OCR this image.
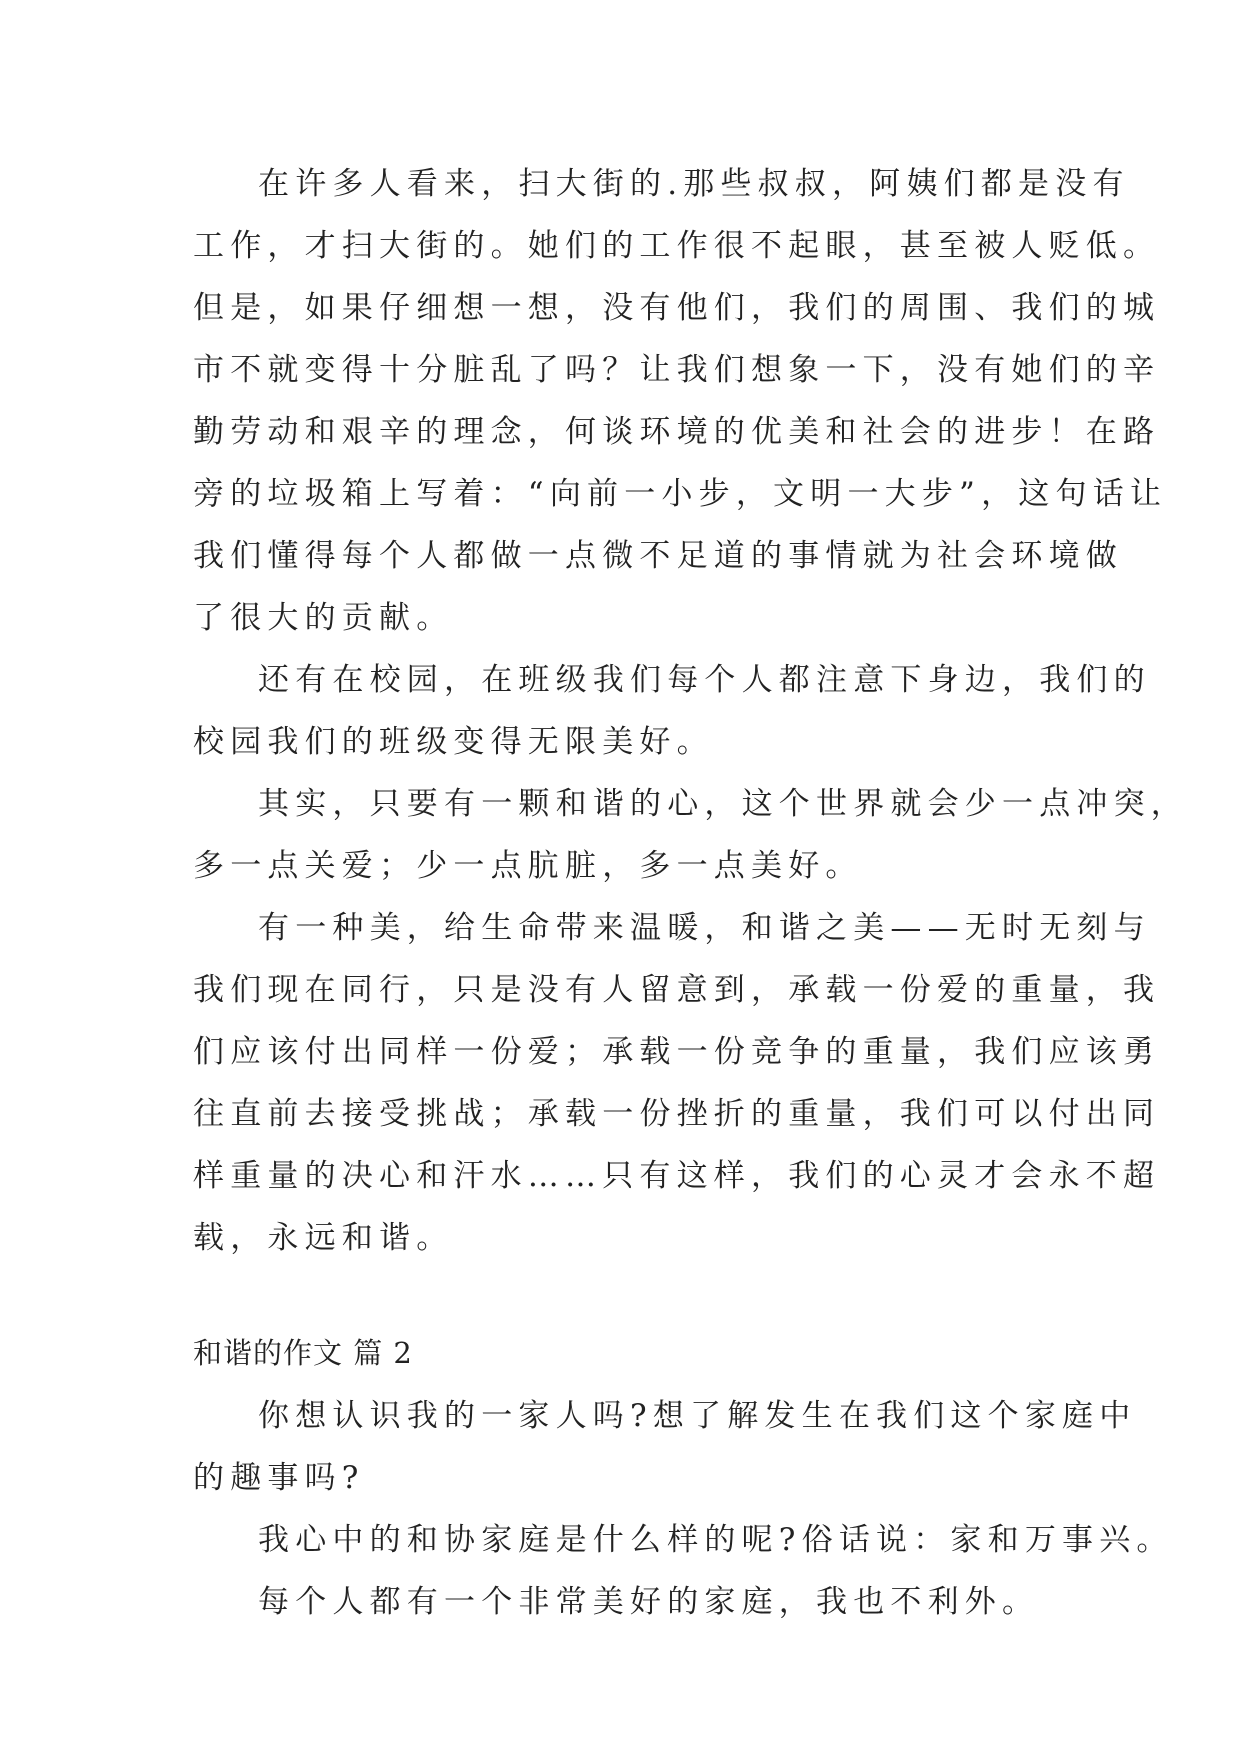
在许多人看来，扫大街的.那些叔叔，阿姨们都是没有
工作，才扫大街的。她们的工作很不起眼，甚至被人贬低。
但是，如果仔细想一想，没有他们，我们的周围、我们的城
市不就变得十分脏乱了吗？让我们想象一下，没有她们的辛
勤劳动和艰辛的理念，何谈环境的优美和社会的进步！在路
旁的垃圾箱上写着：“向前一小步，文明一大步”，这句话让
我们懂得每个人都做一点微不足道的事情就为社会环境做
了很大的贡献。
还有在校园，在班级我们每个人都注意下身边，我们的
校园我们的班级变得无限美好。
其实，只要有一颗和谐的心，这个世界就会少一点冲突，
多一点关爱；少一点肮脏，多一点美好。
有一种美，给生命带来温暖，和谐之美——无时无刻与
我们现在同行，只是没有人留意到，承载一份爱的重量，我
们应该付出同样一份爱；承载一份竞争的重量，我们应该勇
往直前去接受挑战；承载一份挫折的重量，我们可以付出同
样重量的决心和汗水……只有这样，我们的心灵才会永不超
载，永远和谐。
和谐的作文 篇 2
你想认识我的一家人吗?想了解发生在我们这个家庭中
的趣事吗?
我心中的和协家庭是什么样的呢?俗话说：家和万事兴。
每个人都有一个非常美好的家庭，我也不利外。
